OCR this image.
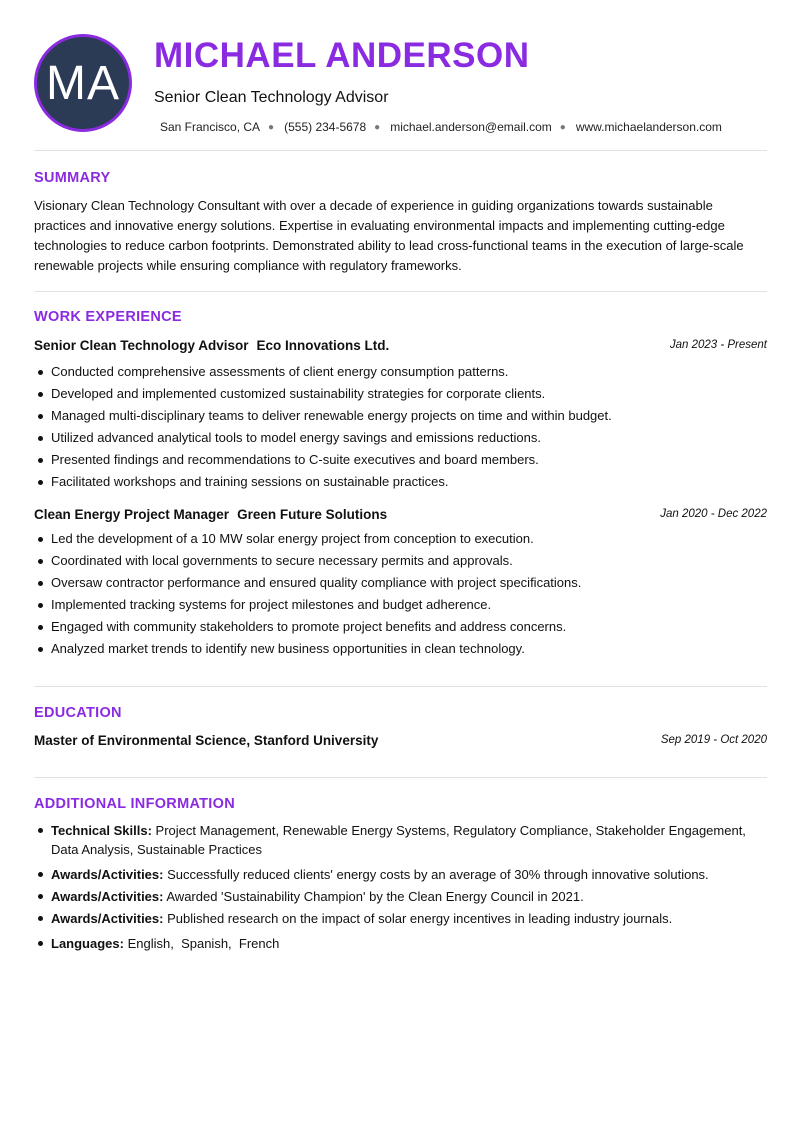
MA
MICHAEL ANDERSON
Senior Clean Technology Advisor
San Francisco, CA ● (555) 234-5678 ● michael.anderson@email.com ● www.michaelanderson.com
SUMMARY
Visionary Clean Technology Consultant with over a decade of experience in guiding organizations towards sustainable practices and innovative energy solutions. Expertise in evaluating environmental impacts and implementing cutting-edge technologies to reduce carbon footprints. Demonstrated ability to lead cross-functional teams in the execution of large-scale renewable projects while ensuring compliance with regulatory frameworks.
WORK EXPERIENCE
Senior Clean Technology Advisor Eco Innovations Ltd.	Jan 2023 - Present
Conducted comprehensive assessments of client energy consumption patterns.
Developed and implemented customized sustainability strategies for corporate clients.
Managed multi-disciplinary teams to deliver renewable energy projects on time and within budget.
Utilized advanced analytical tools to model energy savings and emissions reductions.
Presented findings and recommendations to C-suite executives and board members.
Facilitated workshops and training sessions on sustainable practices.
Clean Energy Project Manager Green Future Solutions	Jan 2020 - Dec 2022
Led the development of a 10 MW solar energy project from conception to execution.
Coordinated with local governments to secure necessary permits and approvals.
Oversaw contractor performance and ensured quality compliance with project specifications.
Implemented tracking systems for project milestones and budget adherence.
Engaged with community stakeholders to promote project benefits and address concerns.
Analyzed market trends to identify new business opportunities in clean technology.
EDUCATION
Master of Environmental Science, Stanford University	Sep 2019 - Oct 2020
ADDITIONAL INFORMATION
Technical Skills: Project Management, Renewable Energy Systems, Regulatory Compliance, Stakeholder Engagement, Data Analysis, Sustainable Practices
Awards/Activities: Successfully reduced clients' energy costs by an average of 30% through innovative solutions.
Awards/Activities: Awarded 'Sustainability Champion' by the Clean Energy Council in 2021.
Awards/Activities: Published research on the impact of solar energy incentives in leading industry journals.
Languages: English,  Spanish,  French
